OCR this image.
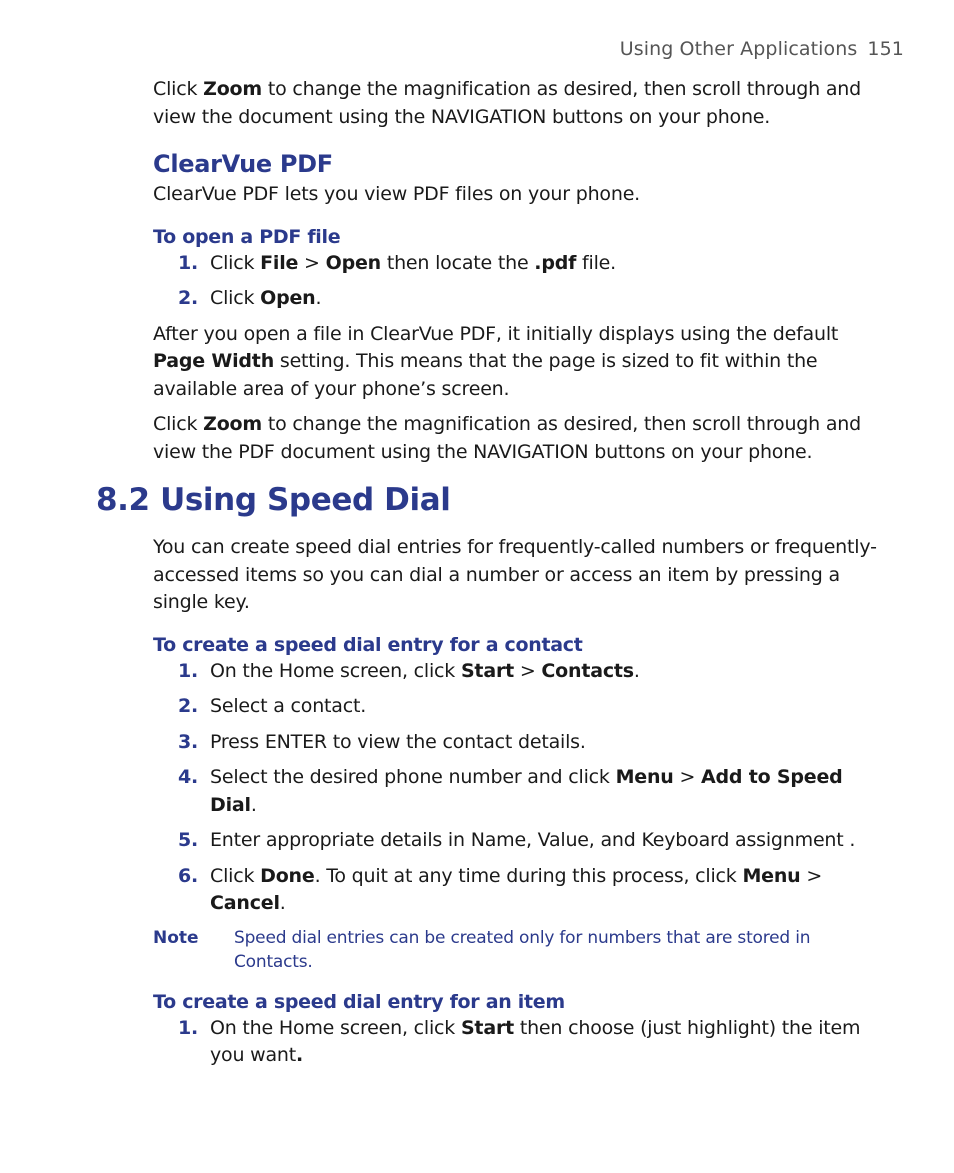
Using Other Applications 151

Click Zoom to change the magnification as desired, then scroll through and view the document using the NAVIGATION buttons on your phone.

ClearVue PDF

ClearVue PDF lets you view PDF files on your phone.

To open a PDF file
1. Click File > Open then locate the .pdf file.
2. Click Open.

After you open a file in ClearVue PDF, it initially displays using the default Page Width setting. This means that the page is sized to fit within the available area of your phone’s screen.

Click Zoom to change the magnification as desired, then scroll through and view the PDF document using the NAVIGATION buttons on your phone.

8.2 Using Speed Dial

You can create speed dial entries for frequently-called numbers or frequently-accessed items so you can dial a number or access an item by pressing a single key.

To create a speed dial entry for a contact
1. On the Home screen, click Start > Contacts.
2. Select a contact.
3. Press ENTER to view the contact details.
4. Select the desired phone number and click Menu > Add to Speed Dial.
5. Enter appropriate details in Name, Value, and Keyboard assignment .
6. Click Done. To quit at any time during this process, click Menu > Cancel.
Note	Speed dial entries can be created only for numbers that are stored in Contacts.
To create a speed dial entry for an item
1. On the Home screen, click Start then choose (just highlight) the item you want.
